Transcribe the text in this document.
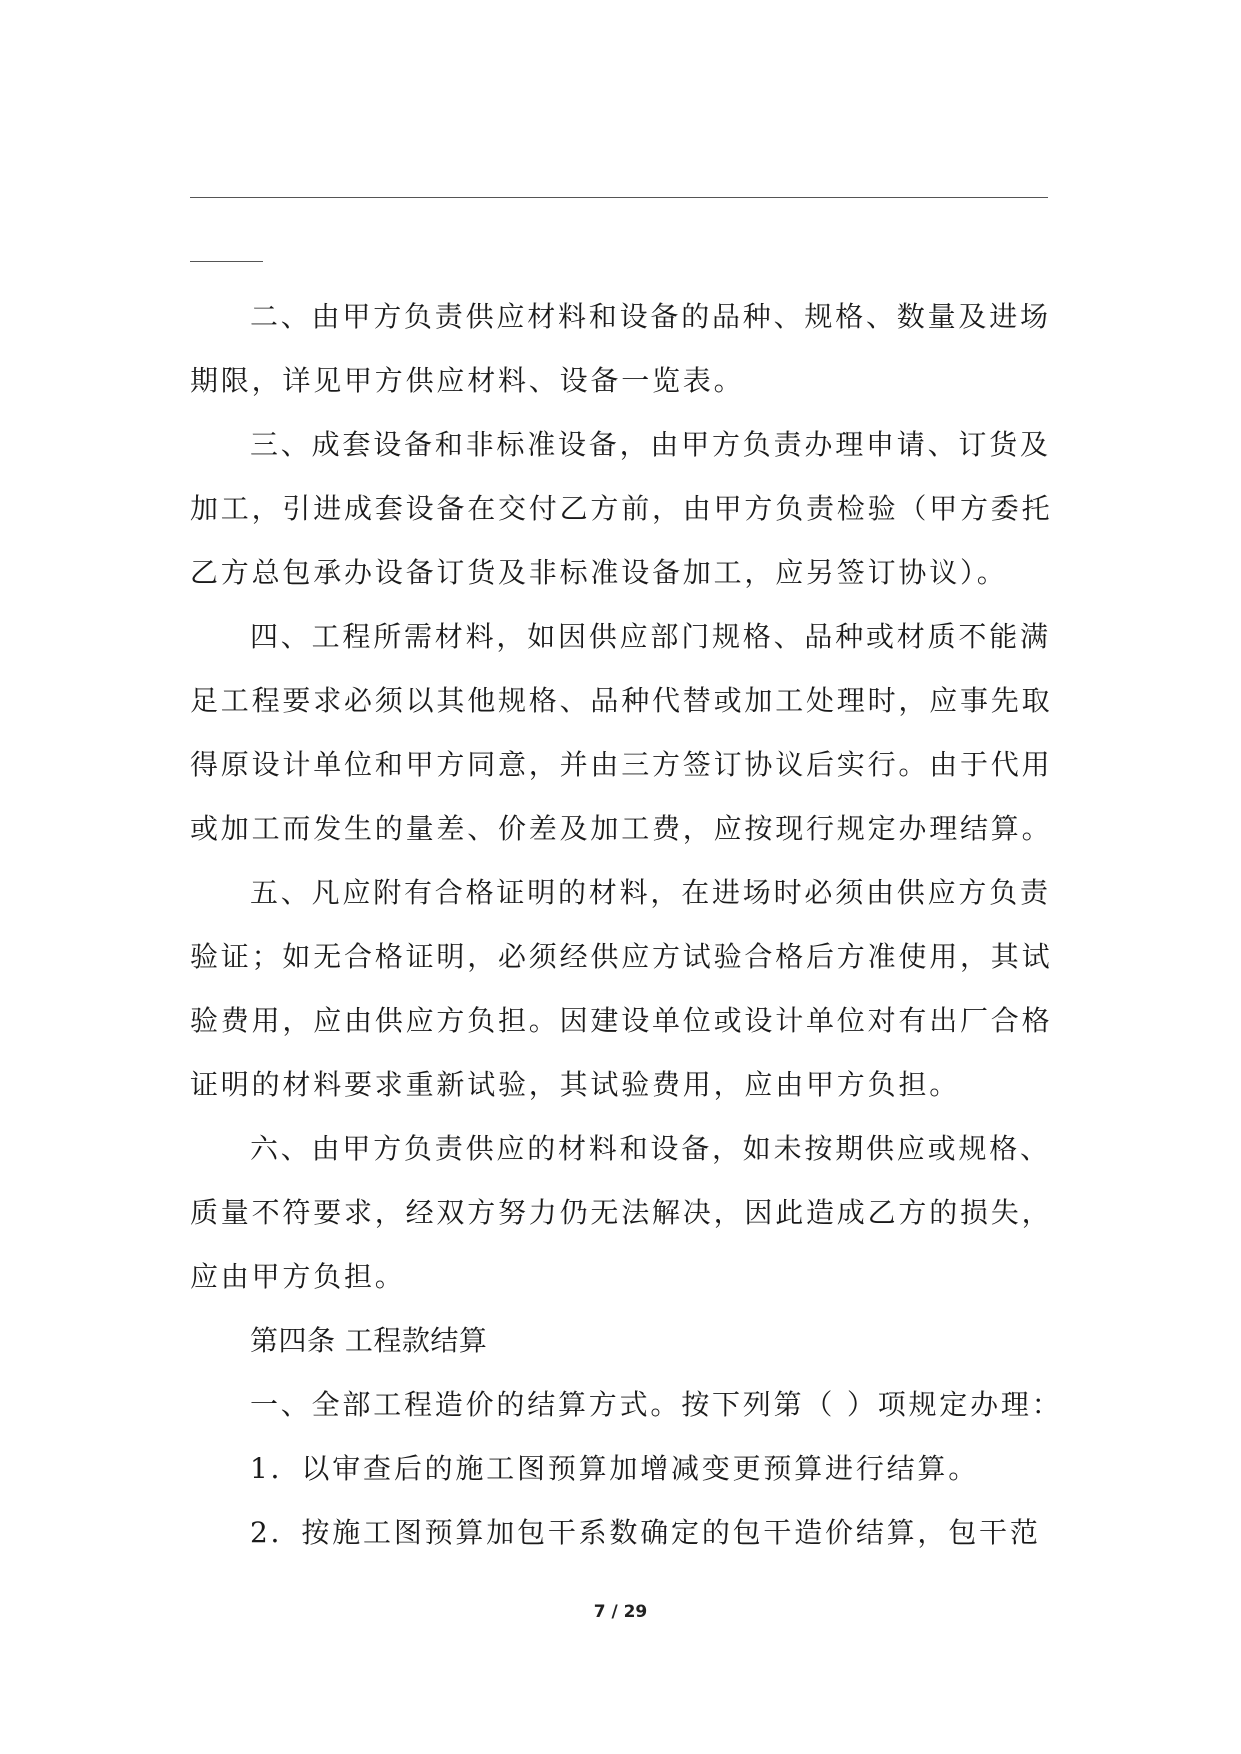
二、由甲方负责供应材料和设备的品种、规格、数量及进场

期限，详见甲方供应材料、设备一览表。

三、成套设备和非标准设备，由甲方负责办理申请、订货及

加工，引进成套设备在交付乙方前，由甲方负责检验（甲方委托

乙方总包承办设备订货及非标准设备加工，应另签订协议）。

四、工程所需材料，如因供应部门规格、品种或材质不能满

足工程要求必须以其他规格、品种代替或加工处理时，应事先取

得原设计单位和甲方同意，并由三方签订协议后实行。由于代用

或加工而发生的量差、价差及加工费，应按现行规定办理结算。

五、凡应附有合格证明的材料，在进场时必须由供应方负责

验证；如无合格证明，必须经供应方试验合格后方准使用，其试

验费用，应由供应方负担。因建设单位或设计单位对有出厂合格

证明的材料要求重新试验，其试验费用，应由甲方负担。

六、由甲方负责供应的材料和设备，如未按期供应或规格、

质量不符要求，经双方努力仍无法解决，因此造成乙方的损失，

应由甲方负担。

第四条 工程款结算

一、全部工程造价的结算方式。按下列第（ ）项规定办理：

1．以审查后的施工图预算加增减变更预算进行结算。

2．按施工图预算加包干系数确定的包干造价结算，包干范

7 / 29
